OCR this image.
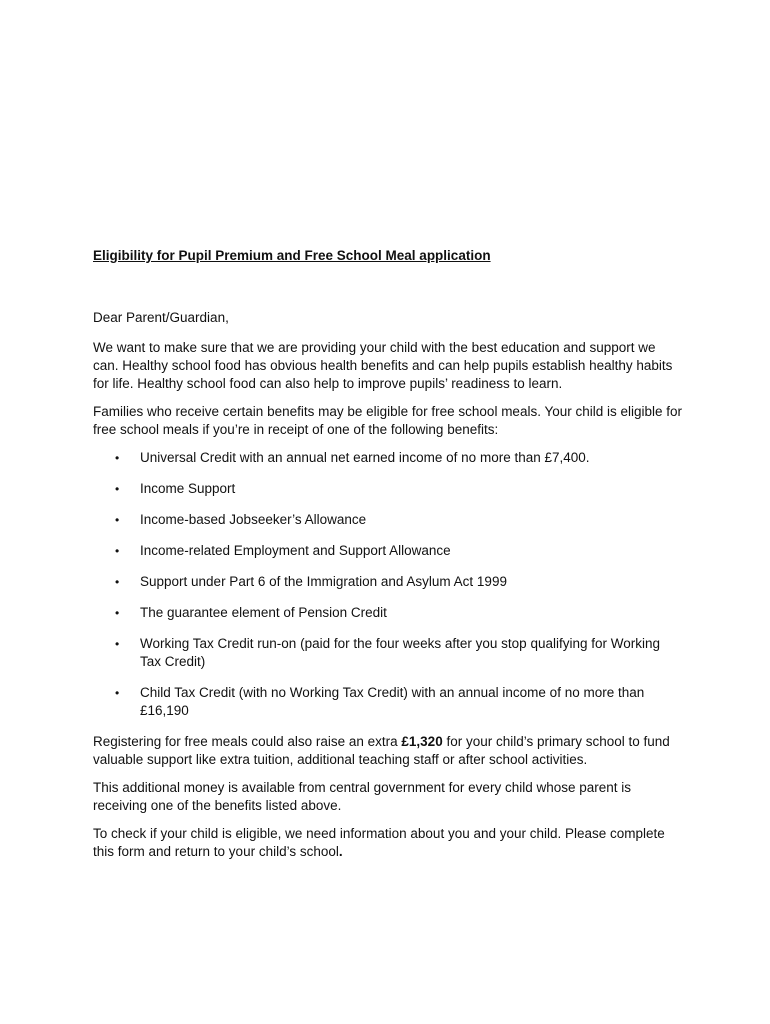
Eligibility for Pupil Premium and Free School Meal application

Dear Parent/Guardian,

We want to make sure that we are providing your child with the best education and support we can. Healthy school food has obvious health benefits and can help pupils establish healthy habits for life. Healthy school food can also help to improve pupils’ readiness to learn.

Families who receive certain benefits may be eligible for free school meals. Your child is eligible for free school meals if you’re in receipt of one of the following benefits:

• Universal Credit with an annual net earned income of no more than £7,400.
• Income Support
• Income-based Jobseeker’s Allowance
• Income-related Employment and Support Allowance
• Support under Part 6 of the Immigration and Asylum Act 1999
• The guarantee element of Pension Credit
• Working Tax Credit run-on (paid for the four weeks after you stop qualifying for Working Tax Credit)
• Child Tax Credit (with no Working Tax Credit) with an annual income of no more than £16,190

Registering for free meals could also raise an extra £1,320 for your child’s primary school to fund valuable support like extra tuition, additional teaching staff or after school activities.

This additional money is available from central government for every child whose parent is receiving one of the benefits listed above.

To check if your child is eligible, we need information about you and your child. Please complete this form and return to your child’s school.
